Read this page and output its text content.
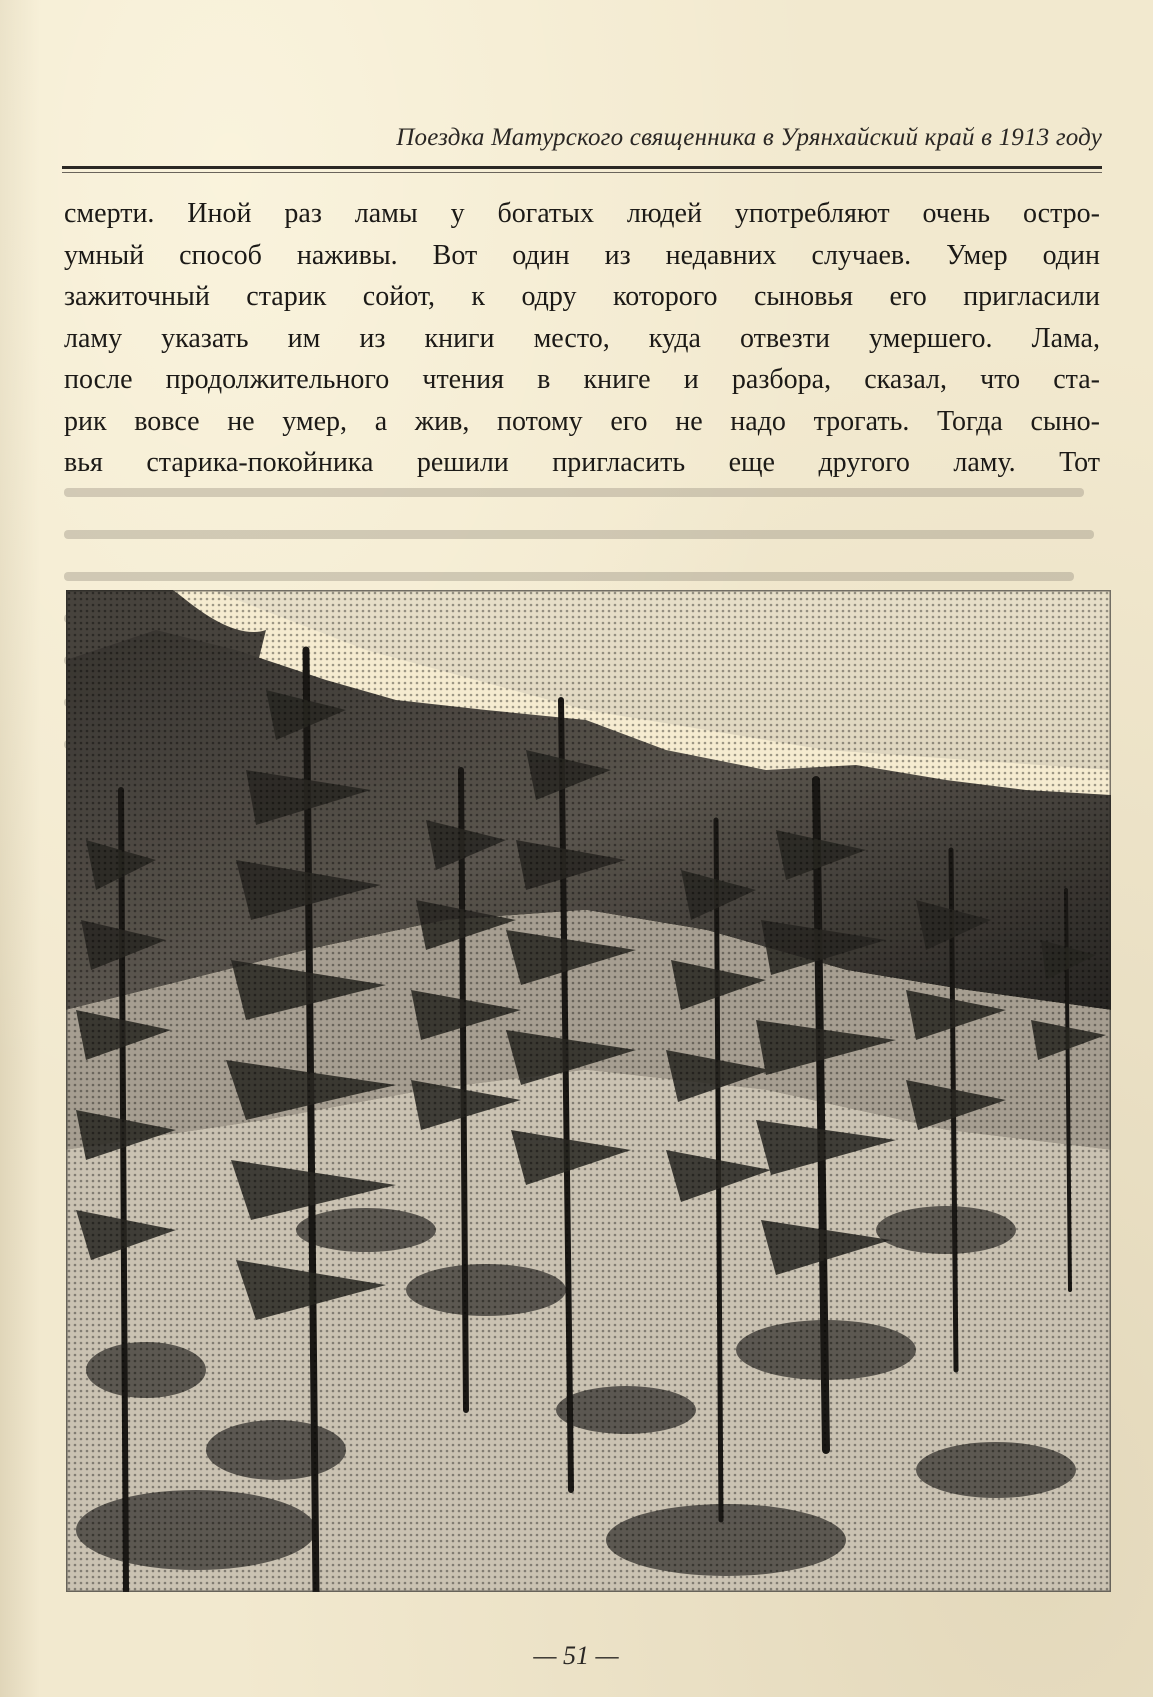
Поездка Матурского священника в Урянхайский край в 1913 году

смерти. Иной раз ламы у богатых людей употребляют очень остро-
умный способ наживы. Вот один из недавних случаев. Умер один
зажиточный старик сойот, к одру которого сыновья его пригласили
ламу указать им из книги место, куда отвезти умершего. Лама,
после продолжительного чтения в книге и разбора, сказал, что ста-
рик вовсе не умер, а жив, потому его не надо трогать. Тогда сыно-
вья старика-покойника решили пригласить еще другого ламу. Тот

— 51 —
